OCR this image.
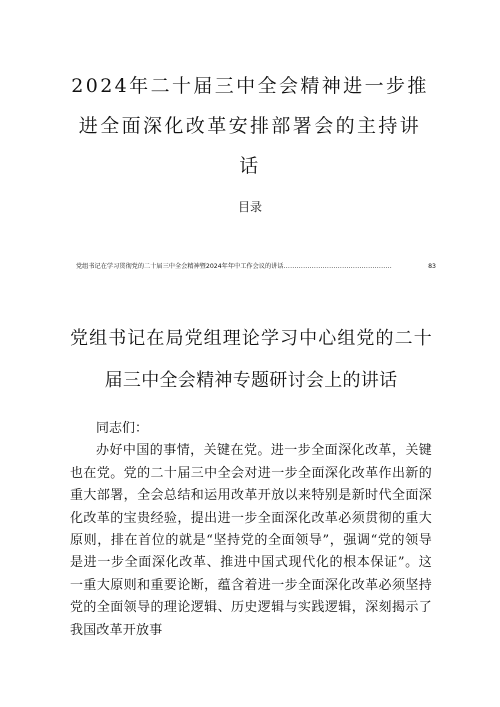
2024年二十届三中全会精神进一步推进全面深化改革安排部署会的主持讲话
目录
党组书记在学习贯彻党的二十届三中全会精神暨2024年年中工作会议的讲话 ..................................................	83
党组书记在局党组理论学习中心组党的二十届三中全会精神专题研讨会上的讲话

同志们：

办好中国的事情，关键在党。进一步全面深化改革，关键也在党。党的二十届三中全会对进一步全面深化改革作出新的重大部署，全会总结和运用改革开放以来特别是新时代全面深化改革的宝贵经验，提出进一步全面深化改革必须贯彻的重大原则，排在首位的就是“坚持党的全面领导”，强调“党的领导是进一步全面深化改革、推进中国式现代化的根本保证”。这一重大原则和重要论断，蕴含着进一步全面深化改革必须坚持党的全面领导的理论逻辑、历史逻辑与实践逻辑，深刻揭示了我国改革开放事
